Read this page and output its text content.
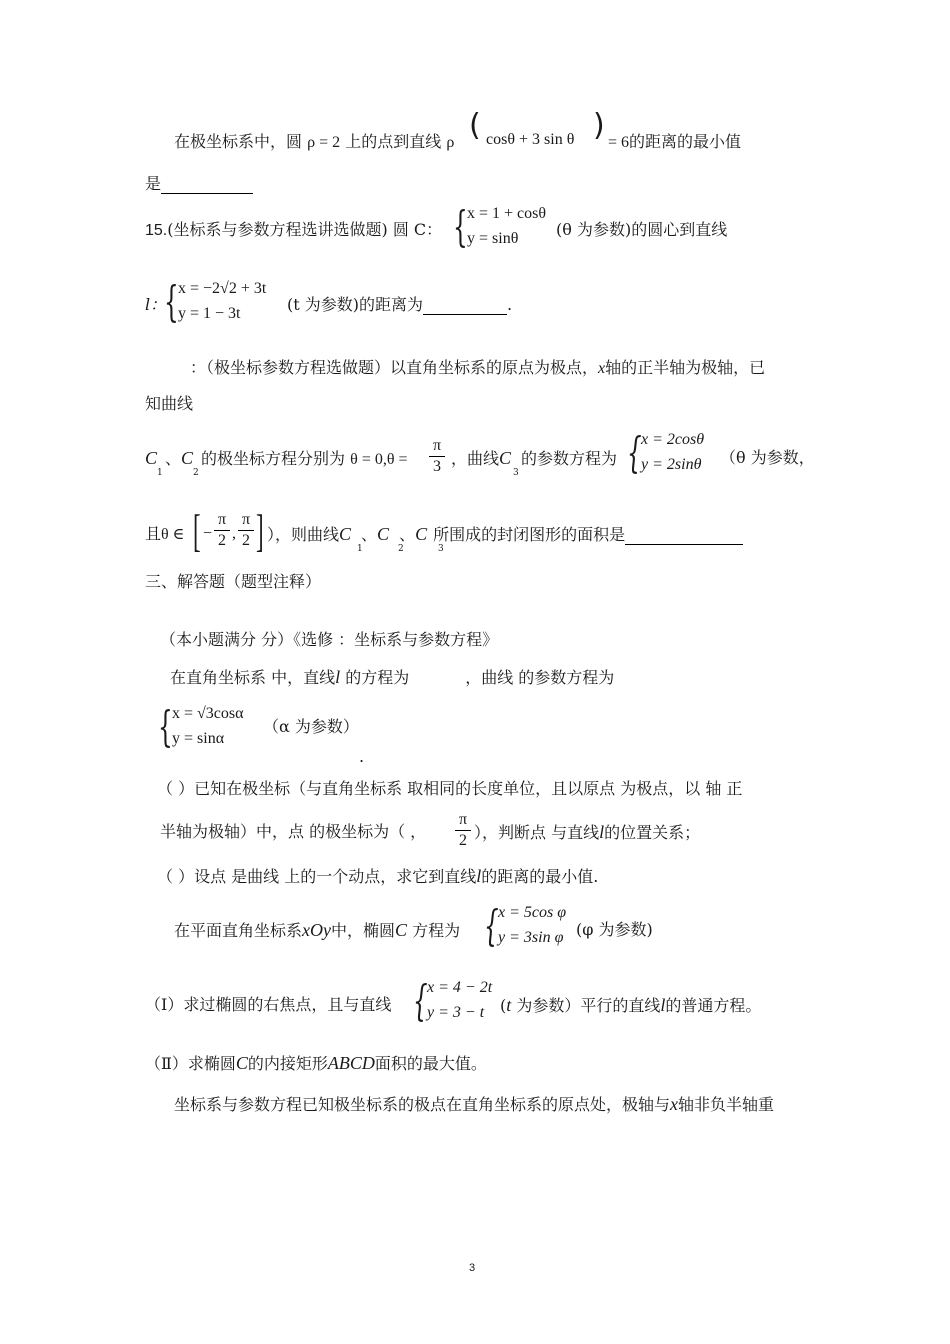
在极坐标系中，圆 ρ = 2 上的点到直线 ρ ( cosθ + 3 sin θ ) = 6的距离的最小值
是
15.(坐标系与参数方程选讲选做题) 圆 C： { x = 1 + cosθ
y = sinθ (θ 为参数)的圆心到直线
l：
{ x = −2√2 + 3t
y = 1 − 3t	(t 为参数)的距离为	.
：（极坐标参数方程选做题）以直角坐标系的原点为极点，x轴的正半轴为极轴，已
知曲线
C 、C 的极坐标方程分别为 θ = 0,θ =
1	2
π
3 ，曲线C 的参数方程为
3	{ x = 2cosθ
y = 2sinθ （θ 为参数，
且θ ∈ [ −
π
2 ,
π
2 ] ），则曲线C 、C 、C 所围成的封闭图形的面积是
1	2	3
三、解答题（题型注释）
（本小题满分 分）《选修 ：坐标系与参数方程》
在直角坐标系 中，直线l 的方程为	，曲线 的参数方程为
{ x = √3cosα
y = sinα
（α 为参数）
.
（ ）已知在极坐标（与直角坐标系 取相同的长度单位，且以原点 为极点，以 轴 正
半轴为极轴）中，点 的极坐标为（ ，
π
2 ），判断点 与直线l的位置关系；
（ ）设点 是曲线 上的一个动点，求它到直线l的距离的最小值.
在平面直角坐标系xOy中，椭圆C 方程为 { x = 5cos φ
y = 3sin φ (φ 为参数)
（Ⅰ）求过椭圆的右焦点，且与直线 { x = 4 − 2t
y = 3 − t (t 为参数）平行的直线l的普通方程。
（Ⅱ）求椭圆C的内接矩形ABCD面积的最大值。
坐标系与参数方程已知极坐标系的极点在直角坐标系的原点处，极轴与x轴非负半轴重
3
